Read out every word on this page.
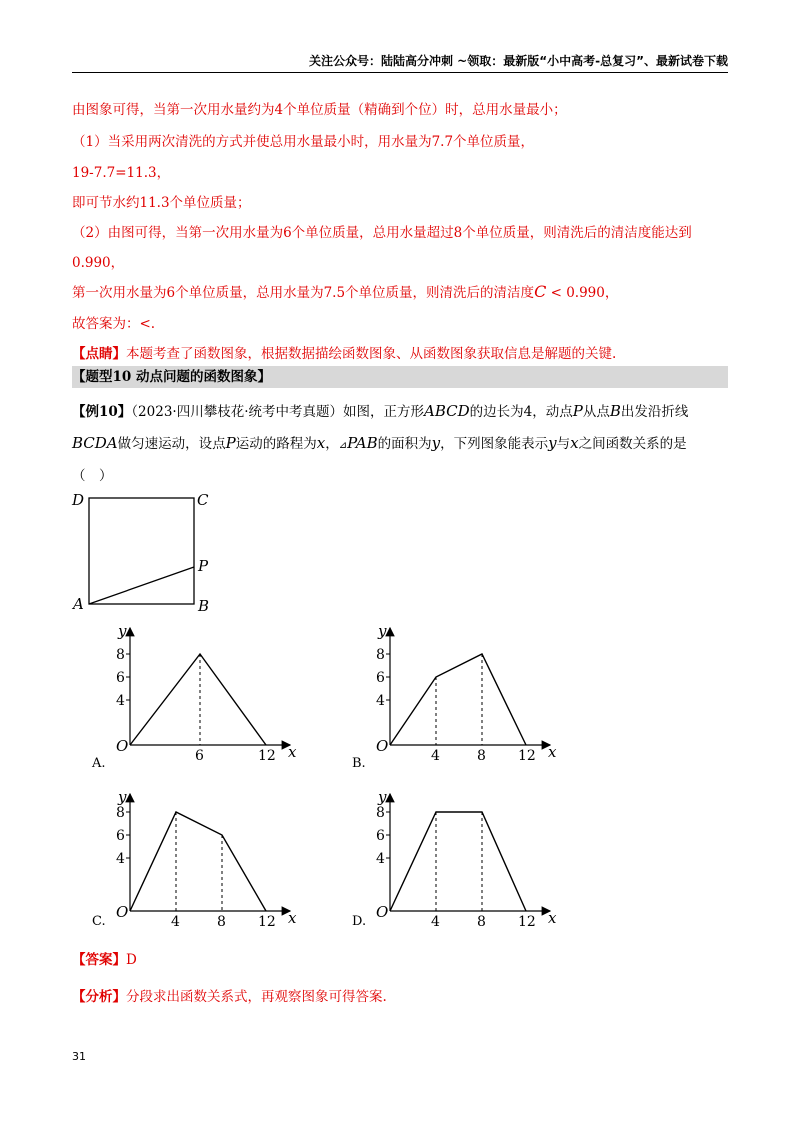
关注公众号：陆陆高分冲刺 ~领取：最新版“小中高考-总复习”、最新试卷下载
由图象可得，当第一次用水量约为4个单位质量（精确到个位）时，总用水量最小；
（1）当采用两次清洗的方式并使总用水量最小时，用水量为7.7个单位质量，
19-7.7=11.3，
即可节水约11.3个单位质量；
（2）由图可得，当第一次用水量为6个单位质量，总用水量超过8个单位质量，则清洗后的清洁度能达到
0.990，
第一次用水量为6个单位质量，总用水量为7.5个单位质量，则清洗后的清洁度C < 0.990，
故答案为：<.
【点睛】本题考查了函数图象，根据数据描绘函数图象、从函数图象获取信息是解题的关键.
【题型10 动点问题的函数图象】
【例10】（2023·四川攀枝花·统考中考真题）如图，正方形ABCD的边长为4，动点P从点B出发沿折线
BCDA做匀速运动，设点P运动的路程为x，⊿PAB的面积为y，下列图象能表示y与x之间函数关系的是
（　）
D	C
P
A	B
8
6
4
6	12
O
y
x
A.
8
6
4
4	8 12
O
y
x
B.
8
6
4
4	8 12
O
y
x
C.
8
6
4
4	8 12
O
y
x
D.
【答案】D
【分析】分段求出函数关系式，再观察图象可得答案.
31
